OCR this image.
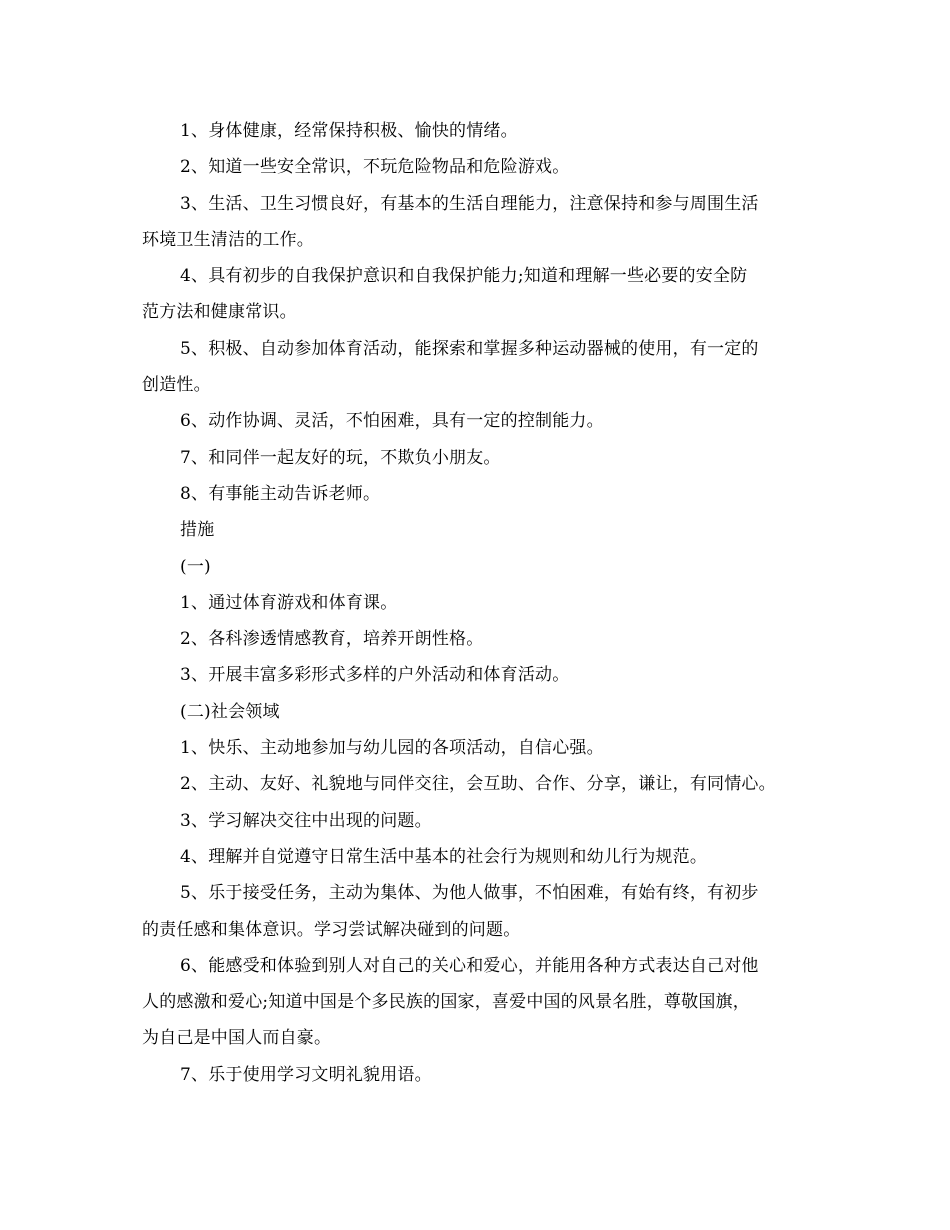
1、身体健康，经常保持积极、愉快的情绪。
2、知道一些安全常识，不玩危险物品和危险游戏。
3、生活、卫生习惯良好，有基本的生活自理能力，注意保持和参与周围生活
环境卫生清洁的工作。
4、具有初步的自我保护意识和自我保护能力;知道和理解一些必要的安全防
范方法和健康常识。
5、积极、自动参加体育活动，能探索和掌握多种运动器械的使用，有一定的
创造性。
6、动作协调、灵活，不怕困难，具有一定的控制能力。
7、和同伴一起友好的玩，不欺负小朋友。
8、有事能主动告诉老师。
措施
(一)
1、通过体育游戏和体育课。
2、各科渗透情感教育，培养开朗性格。
3、开展丰富多彩形式多样的户外活动和体育活动。
(二)社会领域
1、快乐、主动地参加与幼儿园的各项活动，自信心强。
2、主动、友好、礼貌地与同伴交往，会互助、合作、分享，谦让，有同情心。
3、学习解决交往中出现的问题。
4、理解并自觉遵守日常生活中基本的社会行为规则和幼儿行为规范。
5、乐于接受任务，主动为集体、为他人做事，不怕困难，有始有终，有初步
的责任感和集体意识。学习尝试解决碰到的问题。
6、能感受和体验到别人对自己的关心和爱心，并能用各种方式表达自己对他
人的感激和爱心;知道中国是个多民族的国家，喜爱中国的风景名胜，尊敬国旗，
为自己是中国人而自豪。
7、乐于使用学习文明礼貌用语。
